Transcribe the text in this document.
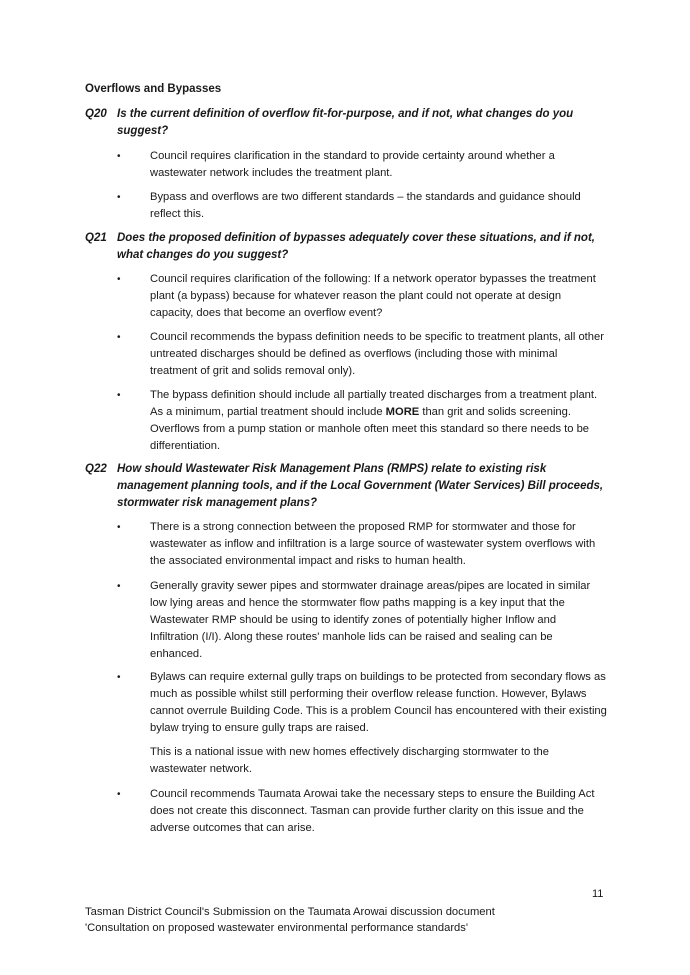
Overflows and Bypasses
Q20 Is the current definition of overflow fit-for-purpose, and if not, what changes do you suggest?
•	Council requires clarification in the standard to provide certainty around whether a wastewater network includes the treatment plant.
•	Bypass and overflows are two different standards – the standards and guidance should reflect this.
Q21 Does the proposed definition of bypasses adequately cover these situations, and if not, what changes do you suggest?
•	Council requires clarification of the following: If a network operator bypasses the treatment plant (a bypass) because for whatever reason the plant could not operate at design capacity, does that become an overflow event?
•	Council recommends the bypass definition needs to be specific to treatment plants, all other untreated discharges should be defined as overflows (including those with minimal treatment of grit and solids removal only).
•	The bypass definition should include all partially treated discharges from a treatment plant. As a minimum, partial treatment should include MORE than grit and solids screening. Overflows from a pump station or manhole often meet this standard so there needs to be differentiation.
Q22 How should Wastewater Risk Management Plans (RMPS) relate to existing risk management planning tools, and if the Local Government (Water Services) Bill proceeds, stormwater risk management plans?
•	There is a strong connection between the proposed RMP for stormwater and those for wastewater as inflow and infiltration is a large source of wastewater system overflows with the associated environmental impact and risks to human health.
•	Generally gravity sewer pipes and stormwater drainage areas/pipes are located in similar low lying areas and hence the stormwater flow paths mapping is a key input that the Wastewater RMP should be using to identify zones of potentially higher Inflow and Infiltration (I/I). Along these routes' manhole lids can be raised and sealing can be enhanced.
•	Bylaws can require external gully traps on buildings to be protected from secondary flows as much as possible whilst still performing their overflow release function. However, Bylaws cannot overrule Building Code. This is a problem Council has encountered with their existing bylaw trying to ensure gully traps are raised.
This is a national issue with new homes effectively discharging stormwater to the wastewater network.
•	Council recommends Taumata Arowai take the necessary steps to ensure the Building Act does not create this disconnect. Tasman can provide further clarity on this issue and the adverse outcomes that can arise.
11
Tasman District Council's Submission on the Taumata Arowai discussion document
'Consultation on proposed wastewater environmental performance standards'
